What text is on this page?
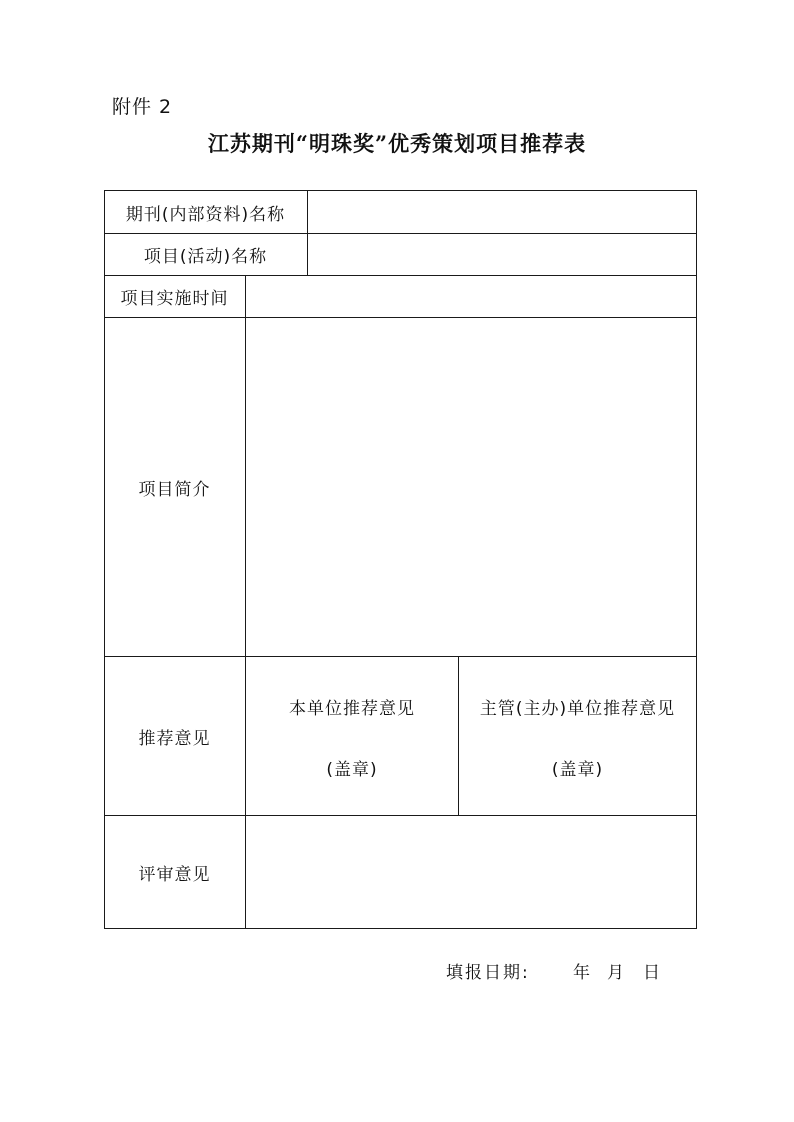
附件 2
江苏期刊“明珠奖”优秀策划项目推荐表
期刊(内部资料)名称
项目(活动)名称
项目实施时间
项目简介
推荐意见
本单位推荐意见
(盖章)
主管(主办)单位推荐意见
(盖章)
评审意见
填报日期:	年 月 日
